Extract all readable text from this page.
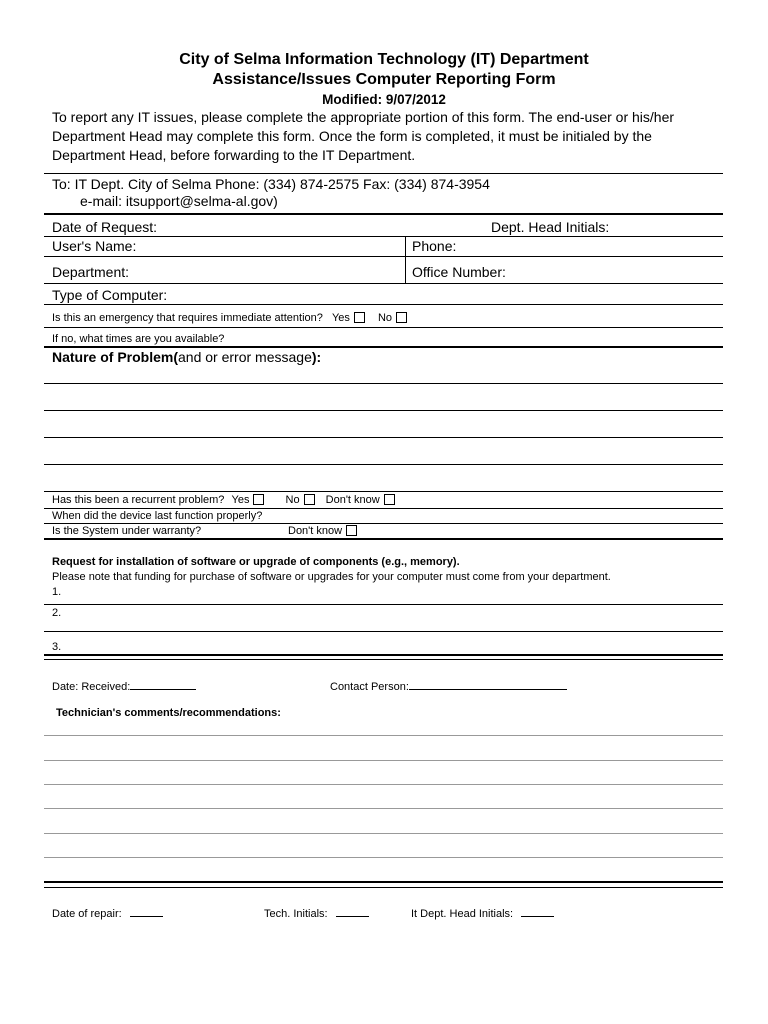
City of Selma Information Technology (IT) Department
Assistance/Issues Computer Reporting Form
Modified: 9/07/2012
To report any IT issues, please complete the appropriate portion of this form. The end-user or his/her Department Head may complete this form. Once the form is completed, it must be initialed by the Department Head, before forwarding to the IT Department.
To: IT Dept. City of Selma Phone: (334) 874-2575 Fax: (334) 874-3954
e-mail: itsupport@selma-al.gov)
Date of Request:	Dept. Head Initials:
User's Name:	Phone:
Department:	Office Number:
Type of Computer:
Is this an emergency that requires immediate attention? Yes	No
If no, what times are you available?
Nature of Problem(and or error message):
Has this been a recurrent problem? Yes	No Don't know
When did the device last function properly?
Is the System under warranty?	Don't know
Request for installation of software or upgrade of components (e.g., memory).
Please note that funding for purchase of software or upgrades for your computer must come from your department.
1.
2.
3.
Date: Received:	Contact Person:
Technician's comments/recommendations:
Date of repair:	Tech. Initials:	It Dept. Head Initials:
